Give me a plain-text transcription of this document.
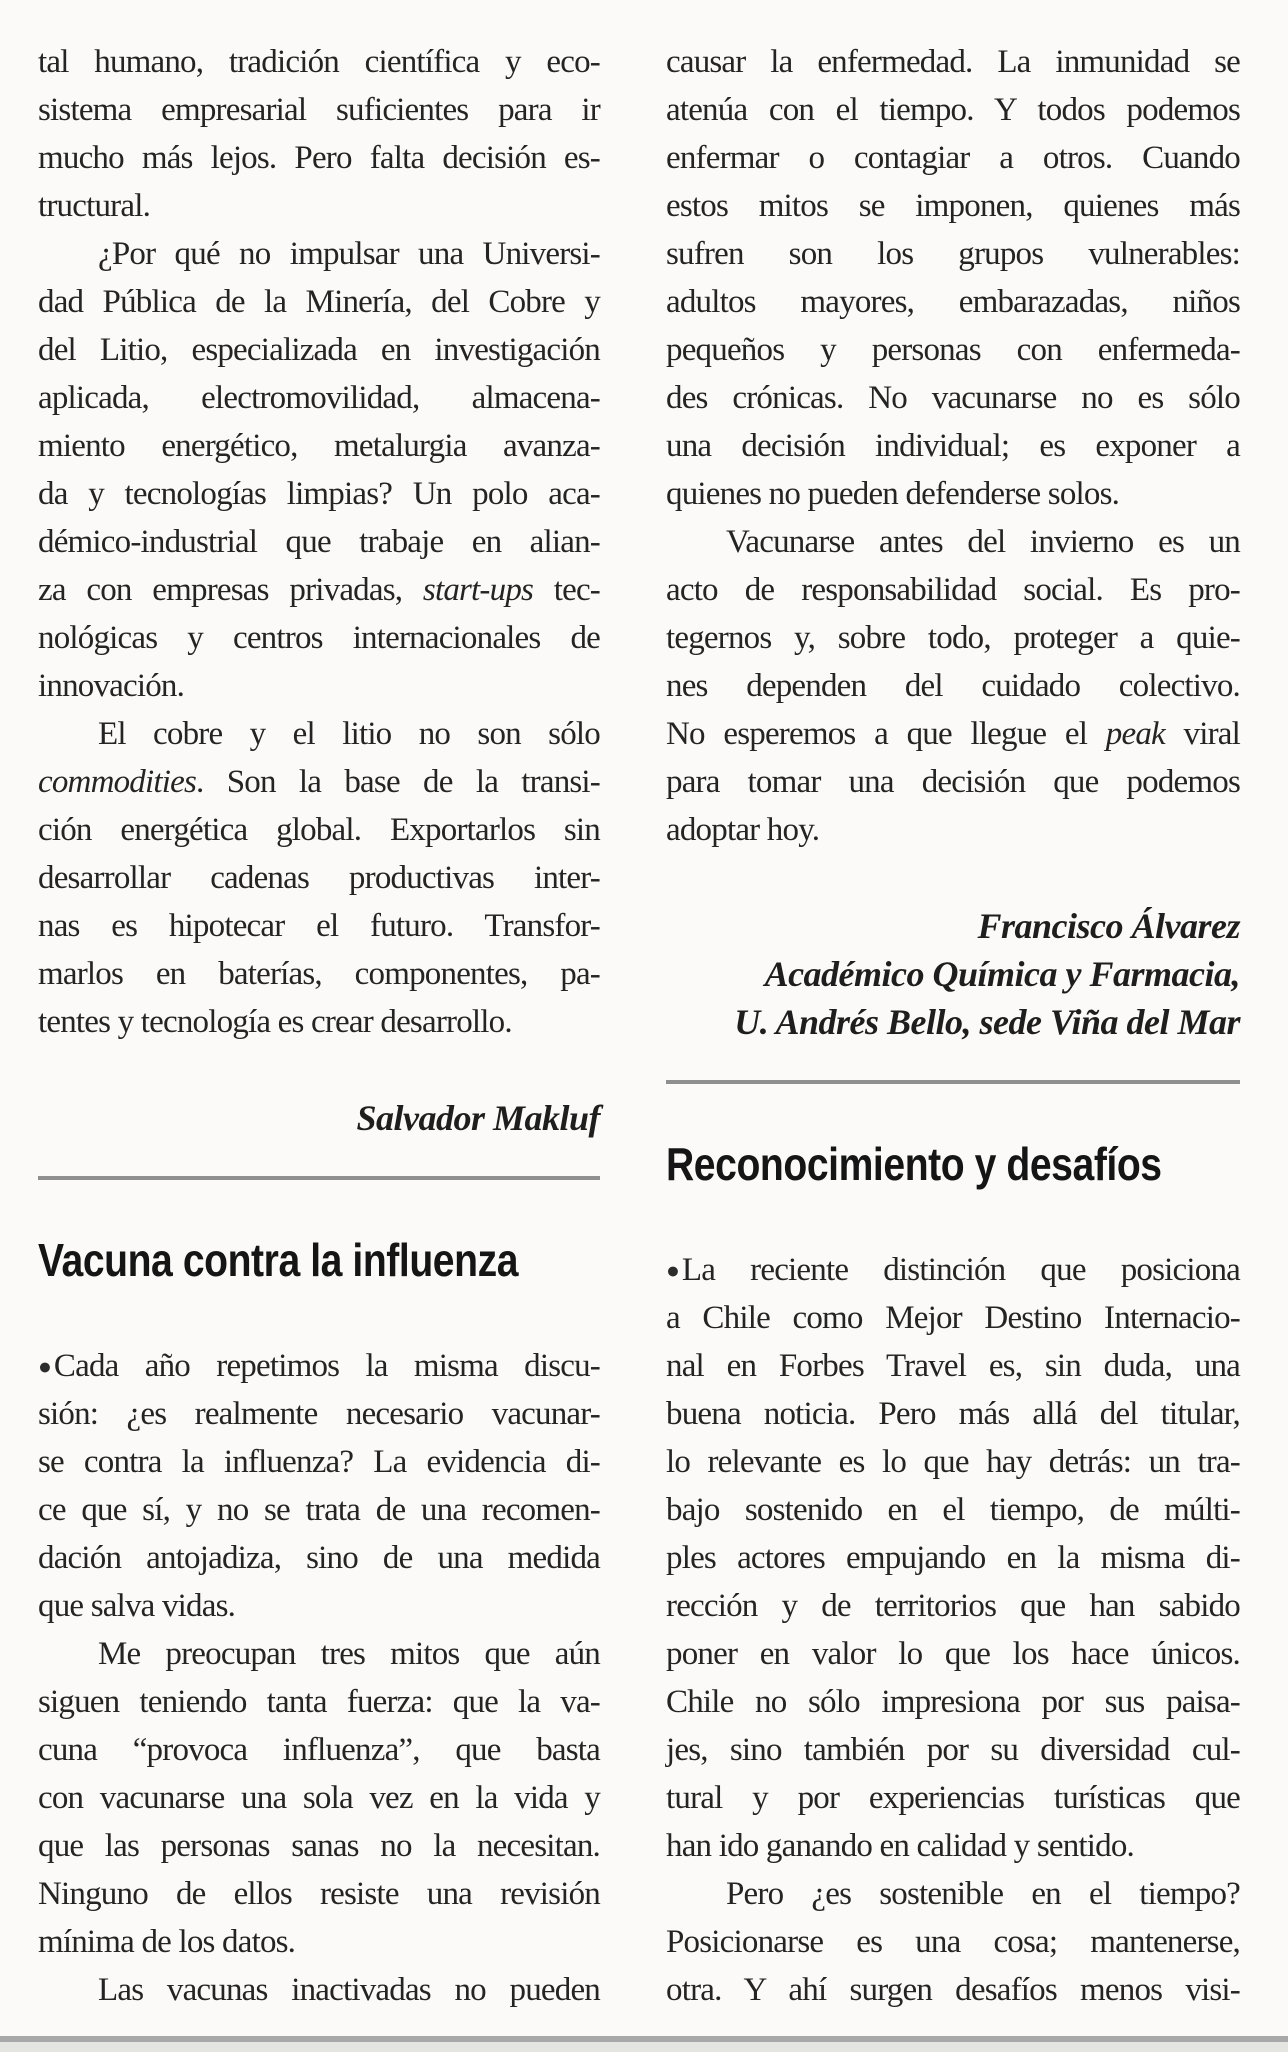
tal humano, tradición científica y eco-
sistema empresarial suficientes para ir
mucho más lejos. Pero falta decisión es-
tructural.
¿Por qué no impulsar una Universi-
dad Pública de la Minería, del Cobre y
del Litio, especializada en investigación
aplicada, electromovilidad, almacena-
miento energético, metalurgia avanza-
da y tecnologías limpias? Un polo aca-
démico-industrial que trabaje en alian-
za con empresas privadas, start-ups tec-
nológicas y centros internacionales de
innovación.
El cobre y el litio no son sólo
commodities. Son la base de la transi-
ción energética global. Exportarlos sin
desarrollar cadenas productivas inter-
nas es hipotecar el futuro. Transfor-
marlos en baterías, componentes, pa-
tentes y tecnología es crear desarrollo.
Salvador Makluf
Vacuna contra la influenza
●Cada año repetimos la misma discu-
sión: ¿es realmente necesario vacunar-
se contra la influenza? La evidencia di-
ce que sí, y no se trata de una recomen-
dación antojadiza, sino de una medida
que salva vidas.
Me preocupan tres mitos que aún
siguen teniendo tanta fuerza: que la va-
cuna “provoca influenza”, que basta
con vacunarse una sola vez en la vida y
que las personas sanas no la necesitan.
Ninguno de ellos resiste una revisión
mínima de los datos.
Las vacunas inactivadas no pueden
causar la enfermedad. La inmunidad se
atenúa con el tiempo. Y todos podemos
enfermar o contagiar a otros. Cuando
estos mitos se imponen, quienes más
sufren son los grupos vulnerables:
adultos mayores, embarazadas, niños
pequeños y personas con enfermeda-
des crónicas. No vacunarse no es sólo
una decisión individual; es exponer a
quienes no pueden defenderse solos.
Vacunarse antes del invierno es un
acto de responsabilidad social. Es pro-
tegernos y, sobre todo, proteger a quie-
nes dependen del cuidado colectivo.
No esperemos a que llegue el peak viral
para tomar una decisión que podemos
adoptar hoy.
Francisco Álvarez
Académico Química y Farmacia,
U. Andrés Bello, sede Viña del Mar
Reconocimiento y desafíos
●La reciente distinción que posiciona
a Chile como Mejor Destino Internacio-
nal en Forbes Travel es, sin duda, una
buena noticia. Pero más allá del titular,
lo relevante es lo que hay detrás: un tra-
bajo sostenido en el tiempo, de múlti-
ples actores empujando en la misma di-
rección y de territorios que han sabido
poner en valor lo que los hace únicos.
Chile no sólo impresiona por sus paisa-
jes, sino también por su diversidad cul-
tural y por experiencias turísticas que
han ido ganando en calidad y sentido.
Pero ¿es sostenible en el tiempo?
Posicionarse es una cosa; mantenerse,
otra. Y ahí surgen desafíos menos visi-
